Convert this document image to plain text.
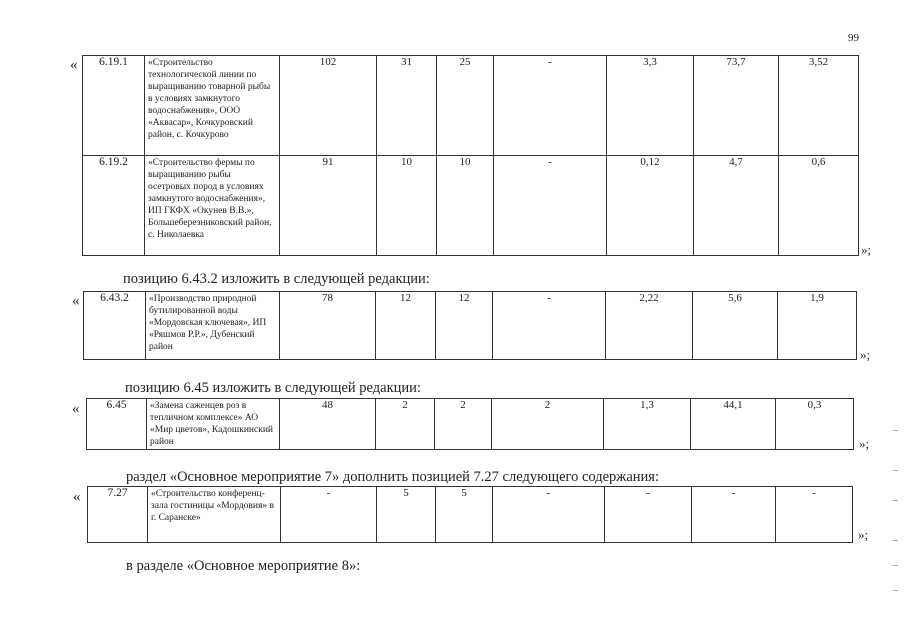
99
« 6.19.1	«Строительство технологической линии по выращиванию товарной рыбы в условиях замкнутого водоснабжения», ООО «Аквасар», Кочкуровский район, с. Кочкурово	102	31	25	-	3,3	73,7	3,52
6.19.2	«Строительство фермы по выращиванию рыбы осетровых пород в условиях замкнутого водоснабжения», ИП ГКФХ «Окунев В.В.», Большеберезниковский район, с. Николаевка	91	10	10	-	0,12	4,7	0,6
»;
позицию 6.43.2 изложить в следующей редакции:
« 6.43.2	«Производство природной бутилированной воды «Мордовская ключевая», ИП «Ряшмов Р.Р.», Дубенский район	78	12	12	-	2,22	5,6	1,9
»;
позицию 6.45 изложить в следующей редакции:
« 6.45	«Замена саженцев роз в тепличном комплексе» АО «Мир цветов», Кадошкинский район	48	2	2	2	1,3	44,1	0,3
»;
раздел «Основное мероприятие 7» дополнить позицией 7.27 следующего содержания:
« 7.27	«Строительство конференц-зала гостиницы «Мордовия» в г. Саранске»	-	5	5	-	-	-	-
»;
в разделе «Основное мероприятие 8»:
